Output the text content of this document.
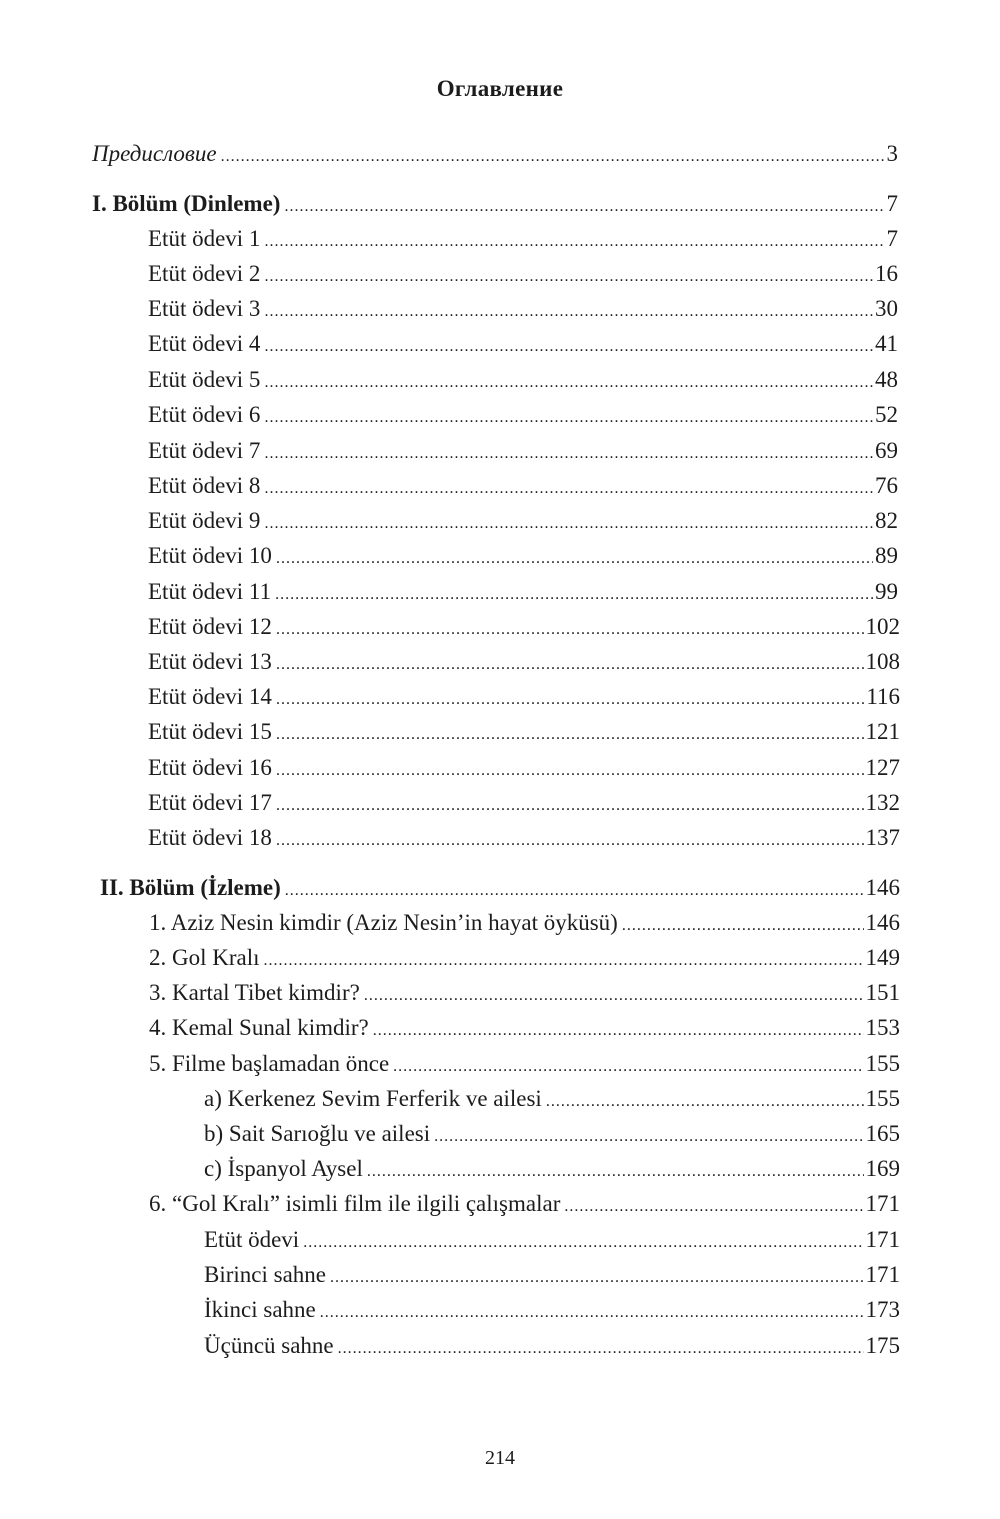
Оглавление
Предисловие .....	3
I. Bölüm (Dinleme) .....	7
Etüt ödevi 1 .....	7
Etüt ödevi 2 .....	16
Etüt ödevi 3 .....	30
Etüt ödevi 4 .....	41
Etüt ödevi 5 .....	48
Etüt ödevi 6 .....	52
Etüt ödevi 7 .....	69
Etüt ödevi 8 .....	76
Etüt ödevi 9 .....	82
Etüt ödevi 10 .....	89
Etüt ödevi 11 .....	99
Etüt ödevi 12 .....	102
Etüt ödevi 13 .....	108
Etüt ödevi 14 .....	116
Etüt ödevi 15 .....	121
Etüt ödevi 16 .....	127
Etüt ödevi 17 .....	132
Etüt ödevi 18 .....	137
II. Bölüm (İzleme) .....	146
1. Aziz Nesin kimdir (Aziz Nesin’in hayat öyküsü) .....	146
2. Gol Kralı .....	149
3. Kartal Tibet kimdir? .....	151
4. Kemal Sunal kimdir? .....	153
5. Filme başlamadan önce .....	155
a) Kerkenez Sevim Ferferik ve ailesi .....	155
b) Sait Sarıoğlu ve ailesi .....	165
c) İspanyol Aysel .....	169
6. “Gol Kralı” isimli film ile ilgili çalışmalar .....	171
Etüt ödevi .....	171
Birinci sahne .....	171
İkinci sahne .....	173
Üçüncü sahne .....	175
214
